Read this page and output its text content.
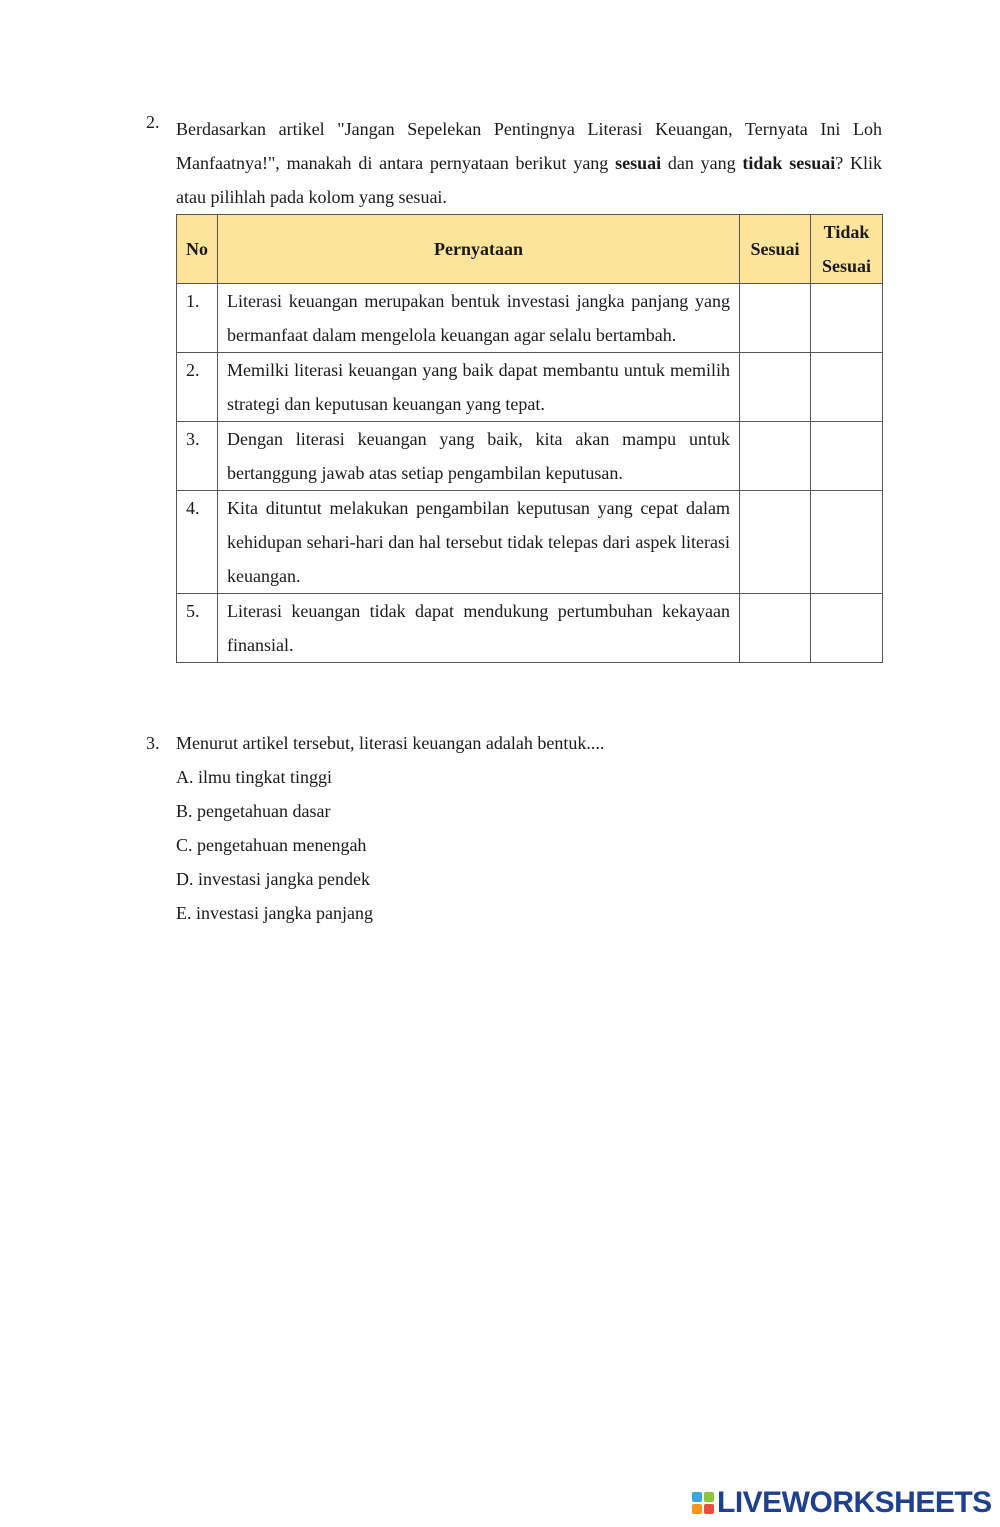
2. Berdasarkan artikel "Jangan Sepelekan Pentingnya Literasi Keuangan, Ternyata Ini Loh Manfaatnya!", manakah di antara pernyataan berikut yang sesuai dan yang tidak sesuai? Klik atau pilihlah pada kolom yang sesuai.
No	Pernyataan	Sesuai	Tidak Sesuai
1.	Literasi keuangan merupakan bentuk investasi jangka panjang yang bermanfaat dalam mengelola keuangan agar selalu bertambah.		
2.	Memilki literasi keuangan yang baik dapat membantu untuk memilih strategi dan keputusan keuangan yang tepat.		
3.	Dengan literasi keuangan yang baik, kita akan mampu untuk bertanggung jawab atas setiap pengambilan keputusan.		
4.	Kita dituntut melakukan pengambilan keputusan yang cepat dalam kehidupan sehari-hari dan hal tersebut tidak telepas dari aspek literasi keuangan.		
5.	Literasi keuangan tidak dapat mendukung pertumbuhan kekayaan finansial.		
3. Menurut artikel tersebut, literasi keuangan adalah bentuk....
A. ilmu tingkat tinggi
B. pengetahuan dasar
C. pengetahuan menengah
D. investasi jangka pendek
E. investasi jangka panjang
LIVEWORKSHEETS
